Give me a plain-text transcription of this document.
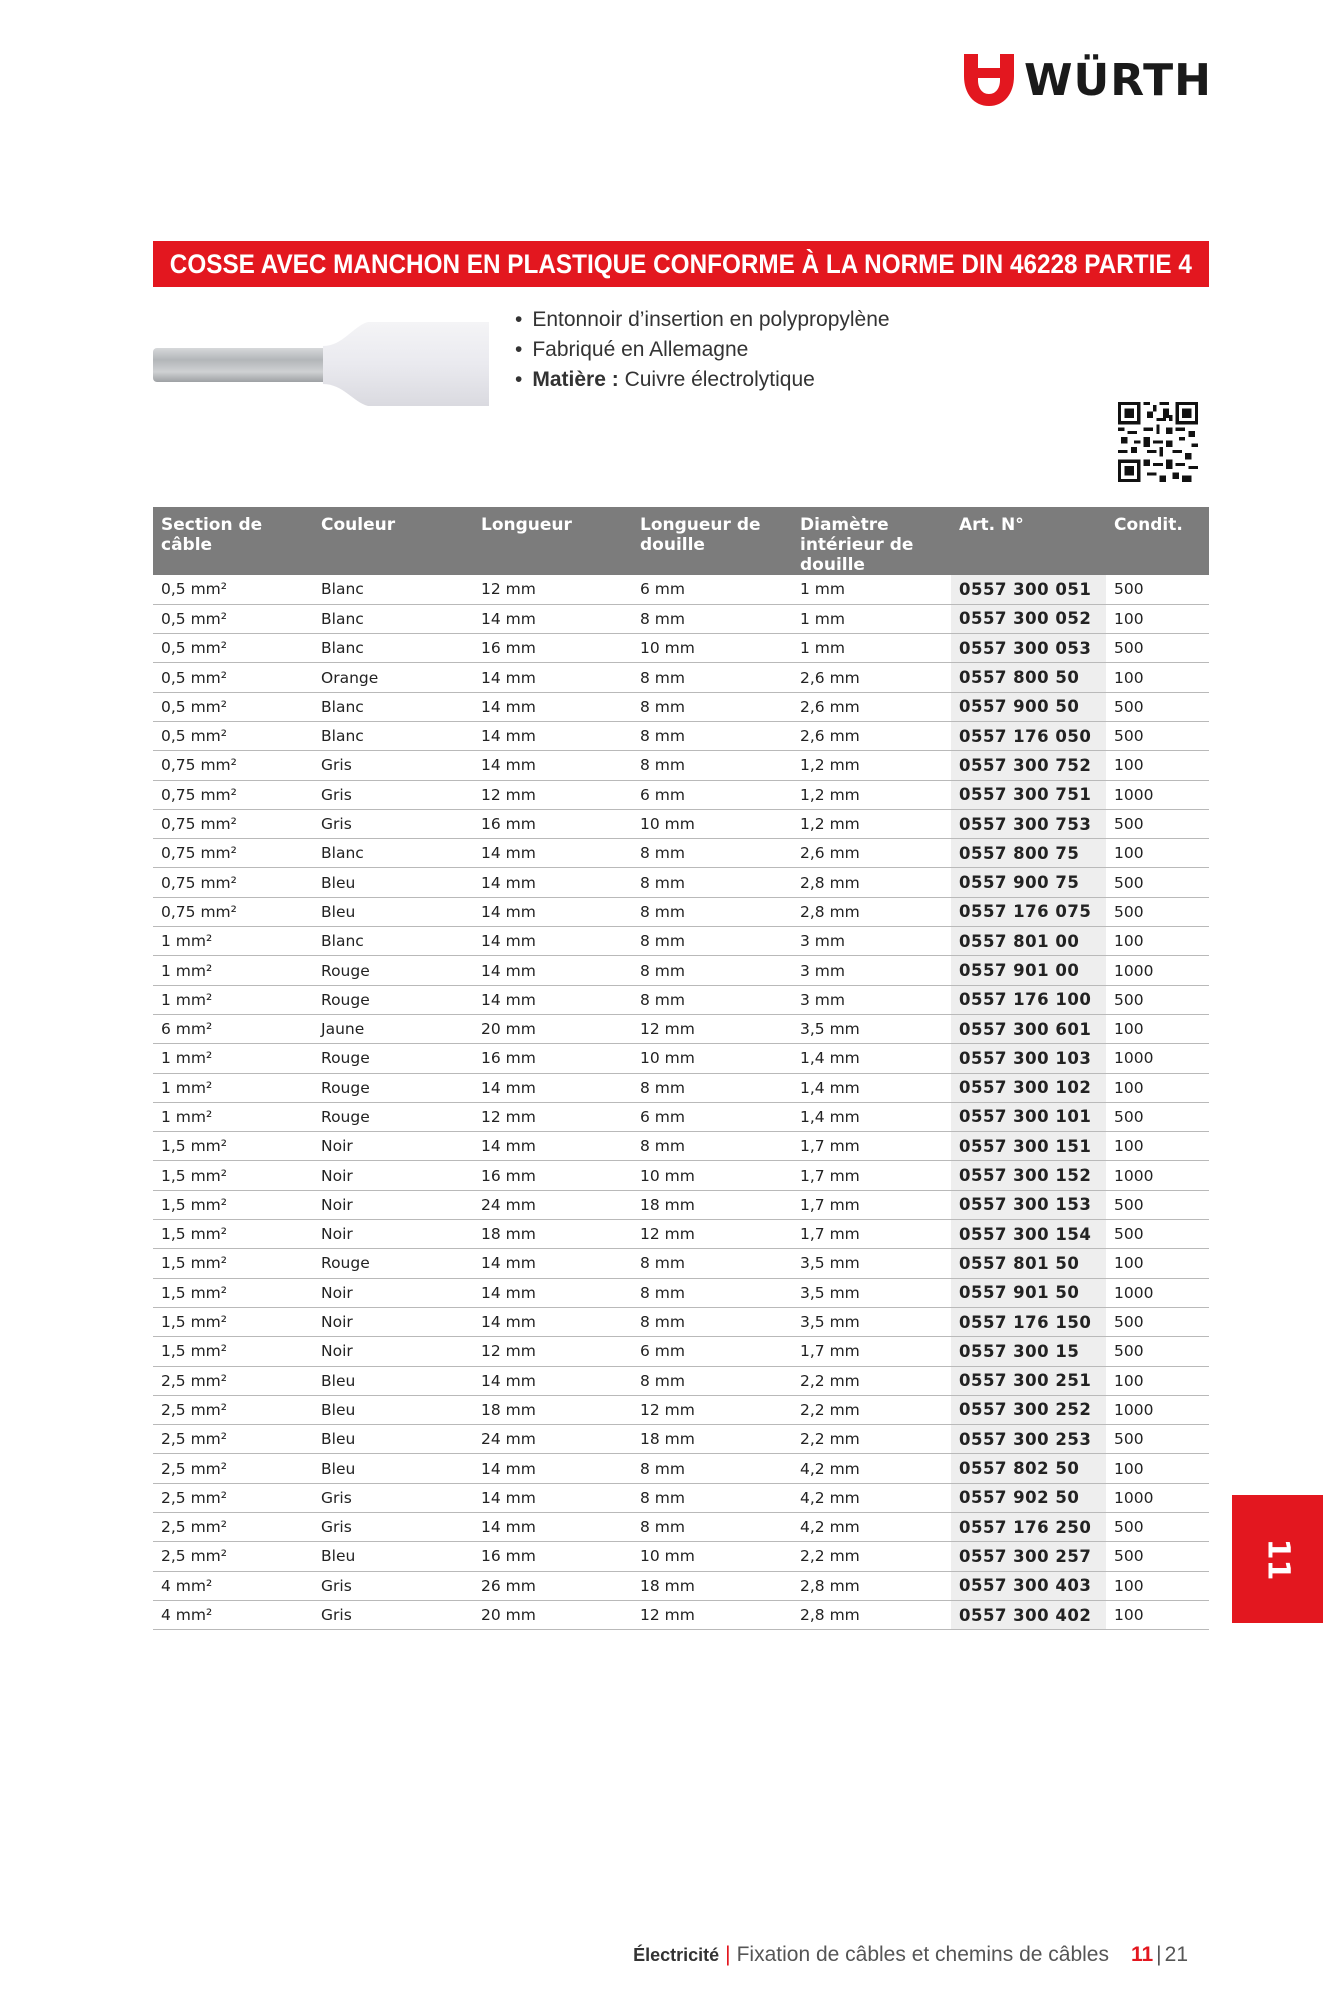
WÜRTH
COSSE AVEC MANCHON EN PLASTIQUE CONFORME À LA NORME DIN 46228 PARTIE 4
• Entonnoir d’insertion en polypropylène
• Fabriqué en Allemagne
• Matière : Cuivre électrolytique
Section de câble	Couleur	Longueur	Longueur de douille	Diamètre intérieur de douille	Art. N°	Condit.
0,5 mm²	Blanc	12 mm	6 mm	1 mm	0557 300 051	500
0,5 mm²	Blanc	14 mm	8 mm	1 mm	0557 300 052	100
0,5 mm²	Blanc	16 mm	10 mm	1 mm	0557 300 053	500
0,5 mm²	Orange	14 mm	8 mm	2,6 mm	0557 800 50	100
0,5 mm²	Blanc	14 mm	8 mm	2,6 mm	0557 900 50	500
0,5 mm²	Blanc	14 mm	8 mm	2,6 mm	0557 176 050	500
0,75 mm²	Gris	14 mm	8 mm	1,2 mm	0557 300 752	100
0,75 mm²	Gris	12 mm	6 mm	1,2 mm	0557 300 751	1000
0,75 mm²	Gris	16 mm	10 mm	1,2 mm	0557 300 753	500
0,75 mm²	Blanc	14 mm	8 mm	2,6 mm	0557 800 75	100
0,75 mm²	Bleu	14 mm	8 mm	2,8 mm	0557 900 75	500
0,75 mm²	Bleu	14 mm	8 mm	2,8 mm	0557 176 075	500
1 mm²	Blanc	14 mm	8 mm	3 mm	0557 801 00	100
1 mm²	Rouge	14 mm	8 mm	3 mm	0557 901 00	1000
1 mm²	Rouge	14 mm	8 mm	3 mm	0557 176 100	500
6 mm²	Jaune	20 mm	12 mm	3,5 mm	0557 300 601	100
1 mm²	Rouge	16 mm	10 mm	1,4 mm	0557 300 103	1000
1 mm²	Rouge	14 mm	8 mm	1,4 mm	0557 300 102	100
1 mm²	Rouge	12 mm	6 mm	1,4 mm	0557 300 101	500
1,5 mm²	Noir	14 mm	8 mm	1,7 mm	0557 300 151	100
1,5 mm²	Noir	16 mm	10 mm	1,7 mm	0557 300 152	1000
1,5 mm²	Noir	24 mm	18 mm	1,7 mm	0557 300 153	500
1,5 mm²	Noir	18 mm	12 mm	1,7 mm	0557 300 154	500
1,5 mm²	Rouge	14 mm	8 mm	3,5 mm	0557 801 50	100
1,5 mm²	Noir	14 mm	8 mm	3,5 mm	0557 901 50	1000
1,5 mm²	Noir	14 mm	8 mm	3,5 mm	0557 176 150	500
1,5 mm²	Noir	12 mm	6 mm	1,7 mm	0557 300 15	500
2,5 mm²	Bleu	14 mm	8 mm	2,2 mm	0557 300 251	100
2,5 mm²	Bleu	18 mm	12 mm	2,2 mm	0557 300 252	1000
2,5 mm²	Bleu	24 mm	18 mm	2,2 mm	0557 300 253	500
2,5 mm²	Bleu	14 mm	8 mm	4,2 mm	0557 802 50	100
2,5 mm²	Gris	14 mm	8 mm	4,2 mm	0557 902 50	1000
2,5 mm²	Gris	14 mm	8 mm	4,2 mm	0557 176 250	500
2,5 mm²	Bleu	16 mm	10 mm	2,2 mm	0557 300 257	500
4 mm²	Gris	26 mm	18 mm	2,8 mm	0557 300 403	100
4 mm²	Gris	20 mm	12 mm	2,8 mm	0557 300 402	100
11
Électricité | Fixation de câbles et chemins de câbles 11 | 21
